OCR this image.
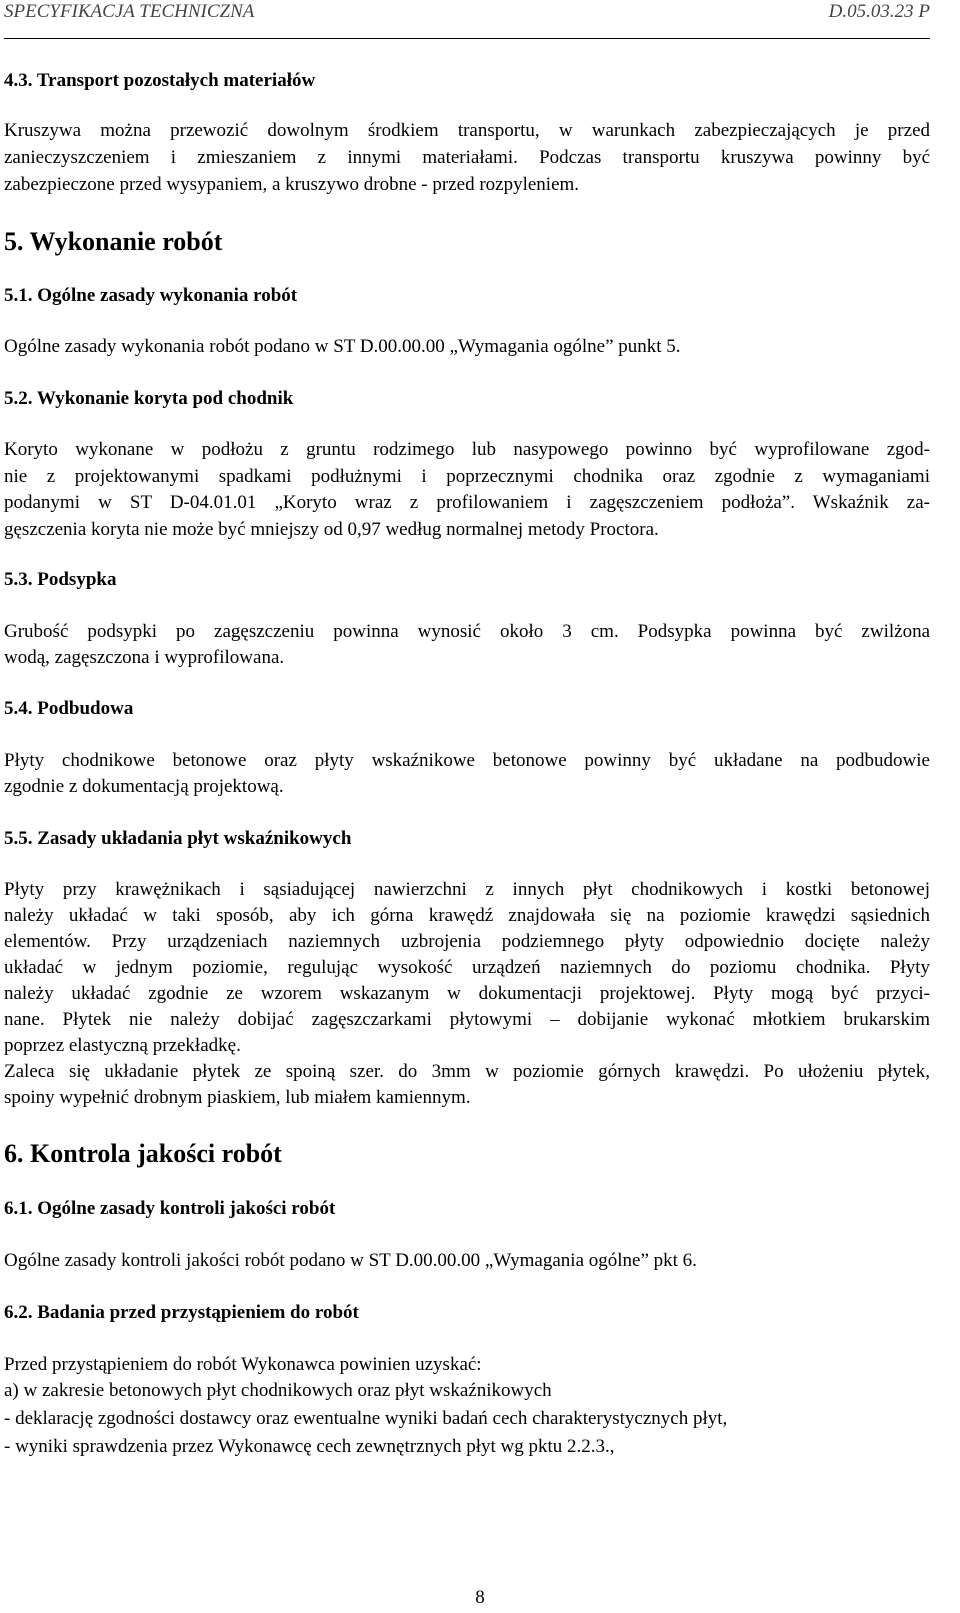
SPECYFIKACJA TECHNICZNA	D.05.03.23 P
4.3. Transport pozostałych materiałów
Kruszywa można przewozić dowolnym środkiem transportu, w warunkach zabezpieczających je przed
zanieczyszczeniem i zmieszaniem z innymi materiałami. Podczas transportu kruszywa powinny być
zabezpieczone przed wysypaniem, a kruszywo drobne - przed rozpyleniem.
5. Wykonanie robót
5.1. Ogólne zasady wykonania robót
Ogólne zasady wykonania robót podano w ST D.00.00.00 „Wymagania ogólne” punkt 5.
5.2. Wykonanie koryta pod chodnik
Koryto wykonane w podłożu z gruntu rodzimego lub nasypowego powinno być wyprofilowane zgod-
nie z projektowanymi spadkami podłużnymi i poprzecznymi chodnika oraz zgodnie z wymaganiami
podanymi w ST D-04.01.01 „Koryto wraz z profilowaniem i zagęszczeniem podłoża”. Wskaźnik za-
gęszczenia koryta nie może być mniejszy od 0,97 według normalnej metody Proctora.
5.3. Podsypka
Grubość podsypki po zagęszczeniu powinna wynosić około 3 cm. Podsypka powinna być zwilżona
wodą, zagęszczona i wyprofilowana.
5.4. Podbudowa
Płyty chodnikowe betonowe oraz płyty wskaźnikowe betonowe powinny być układane na podbudowie
zgodnie z dokumentacją projektową.
5.5. Zasady układania płyt wskaźnikowych
Płyty przy krawężnikach i sąsiadującej nawierzchni z innych płyt chodnikowych i kostki betonowej
należy układać w taki sposób, aby ich górna krawędź znajdowała się na poziomie krawędzi sąsiednich
elementów. Przy urządzeniach naziemnych uzbrojenia podziemnego płyty odpowiednio docięte należy
układać w jednym poziomie, regulując wysokość urządzeń naziemnych do poziomu chodnika. Płyty
należy układać zgodnie ze wzorem wskazanym w dokumentacji projektowej. Płyty mogą być przyci-
nane. Płytek nie należy dobijać zagęszczarkami płytowymi – dobijanie wykonać młotkiem brukarskim
poprzez elastyczną przekładkę.
Zaleca się układanie płytek ze spoiną szer. do 3mm w poziomie górnych krawędzi. Po ułożeniu płytek,
spoiny wypełnić drobnym piaskiem, lub miałem kamiennym.
6. Kontrola jakości robót
6.1. Ogólne zasady kontroli jakości robót
Ogólne zasady kontroli jakości robót podano w ST D.00.00.00 „Wymagania ogólne” pkt 6.
6.2. Badania przed przystąpieniem do robót
Przed przystąpieniem do robót Wykonawca powinien uzyskać:
a) w zakresie betonowych płyt chodnikowych oraz płyt wskaźnikowych
- deklarację zgodności dostawcy oraz ewentualne wyniki badań cech charakterystycznych płyt,
- wyniki sprawdzenia przez Wykonawcę cech zewnętrznych płyt wg pktu 2.2.3.,
8
